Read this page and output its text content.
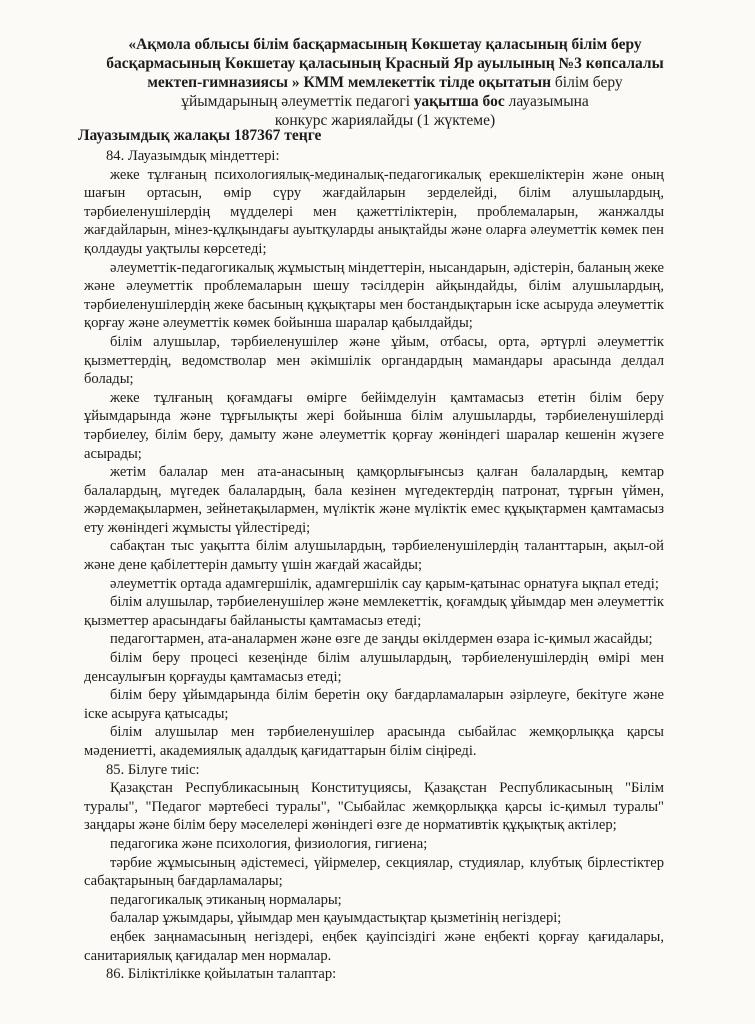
«Ақмола облысы білім басқармасының Көкшетау қаласының білім беру
басқармасының Көкшетау қаласының Красный Яр ауылының №3 көпсалалы
мектеп-гимназиясы » КММ мемлекеттік тілде оқытатын білім беру
ұйымдарының әлеуметтік педагогі уақытша бос лауазымына
конкурс жариялайды (1 жүктеме)
Лауазымдық жалақы 187367 теңге

84. Лауазымдық міндеттері:

жеке тұлғаның психологиялық-мединалық-педагогикалық ерекшеліктерін және оның шағын ортасын, өмір сүру жағдайларын зерделейді, білім алушылардың, тәрбиеленушілердің мүдделері мен қажеттіліктерін, проблемаларын, жанжалды жағдайларын, мінез-құлқындағы ауытқуларды анықтайды және оларға әлеуметтік көмек пен қолдауды уақтылы көрсетеді;

әлеуметтік-педагогикалық жұмыстың міндеттерін, нысандарын, әдістерін, баланың жеке және әлеуметтік проблемаларын шешу тәсілдерін айқындайды, білім алушылардың, тәрбиеленушілердің жеке басының құқықтары мен бостандықтарын іске асыруда әлеуметтік қорғау және әлеуметтік көмек бойынша шаралар қабылдайды;

білім алушылар, тәрбиеленушілер және ұйым, отбасы, орта, әртүрлі әлеуметтік қызметтердің, ведомстволар мен әкімшілік органдардың мамандары арасында делдал болады;

жеке тұлғаның қоғамдағы өмірге бейімделуін қамтамасыз ететін білім беру ұйымдарында және тұрғылықты жері бойынша білім алушыларды, тәрбиеленушілерді тәрбиелеу, білім беру, дамыту және әлеуметтік қорғау жөніндегі шаралар кешенін жүзеге асырады;

жетім балалар мен ата-анасының қамқорлығынсыз қалған балалардың, кемтар балалардың, мүгедек балалардың, бала кезінен мүгедектердің патронат, тұрғын үймен, жәрдемақылармен, зейнетақылармен, мүліктік және мүліктік емес құқықтармен қамтамасыз ету жөніндегі жұмысты үйлестіреді;

сабақтан тыс уақытта білім алушылардың, тәрбиеленушілердің таланттарын, ақыл-ой және дене қабілеттерін дамыту үшін жағдай жасайды;

әлеуметтік ортада адамгершілік, адамгершілік сау қарым-қатынас орнатуға ықпал етеді;

білім алушылар, тәрбиеленушілер және мемлекеттік, қоғамдық ұйымдар мен әлеуметтік қызметтер арасындағы байланысты қамтамасыз етеді;

педагогтармен, ата-аналармен және өзге де заңды өкілдермен өзара іс-қимыл жасайды;

білім беру процесі кезеңінде білім алушылардың, тәрбиеленушілердің өмірі мен денсаулығын қорғауды қамтамасыз етеді;

білім беру ұйымдарында білім беретін оқу бағдарламаларын әзірлеуге, бекітуге және іске асыруға қатысады;

білім алушылар мен тәрбиеленушілер арасында сыбайлас жемқорлыққа қарсы мәдениетті, академиялық адалдық қағидаттарын білім сіңіреді.

85. Білуге тиіс:

Қазақстан Республикасының Конституциясы, Қазақстан Республикасының "Білім туралы", "Педагог мәртебесі туралы", "Сыбайлас жемқорлыққа қарсы іс-қимыл туралы" заңдары және білім беру мәселелері жөніндегі өзге де нормативтік құқықтық актілер;

педагогика және психология, физиология, гигиена;

тәрбие жұмысының әдістемесі, үйірмелер, секциялар, студиялар, клубтық бірлестіктер сабақтарының бағдарламалары;

педагогикалық этиканың нормалары;

балалар ұжымдары, ұйымдар мен қауымдастықтар қызметінің негіздері;

еңбек заңнамасының негіздері, еңбек қауіпсіздігі және еңбекті қорғау қағидалары, санитариялық қағидалар мен нормалар.

86. Біліктілікке қойылатын талаптар:
